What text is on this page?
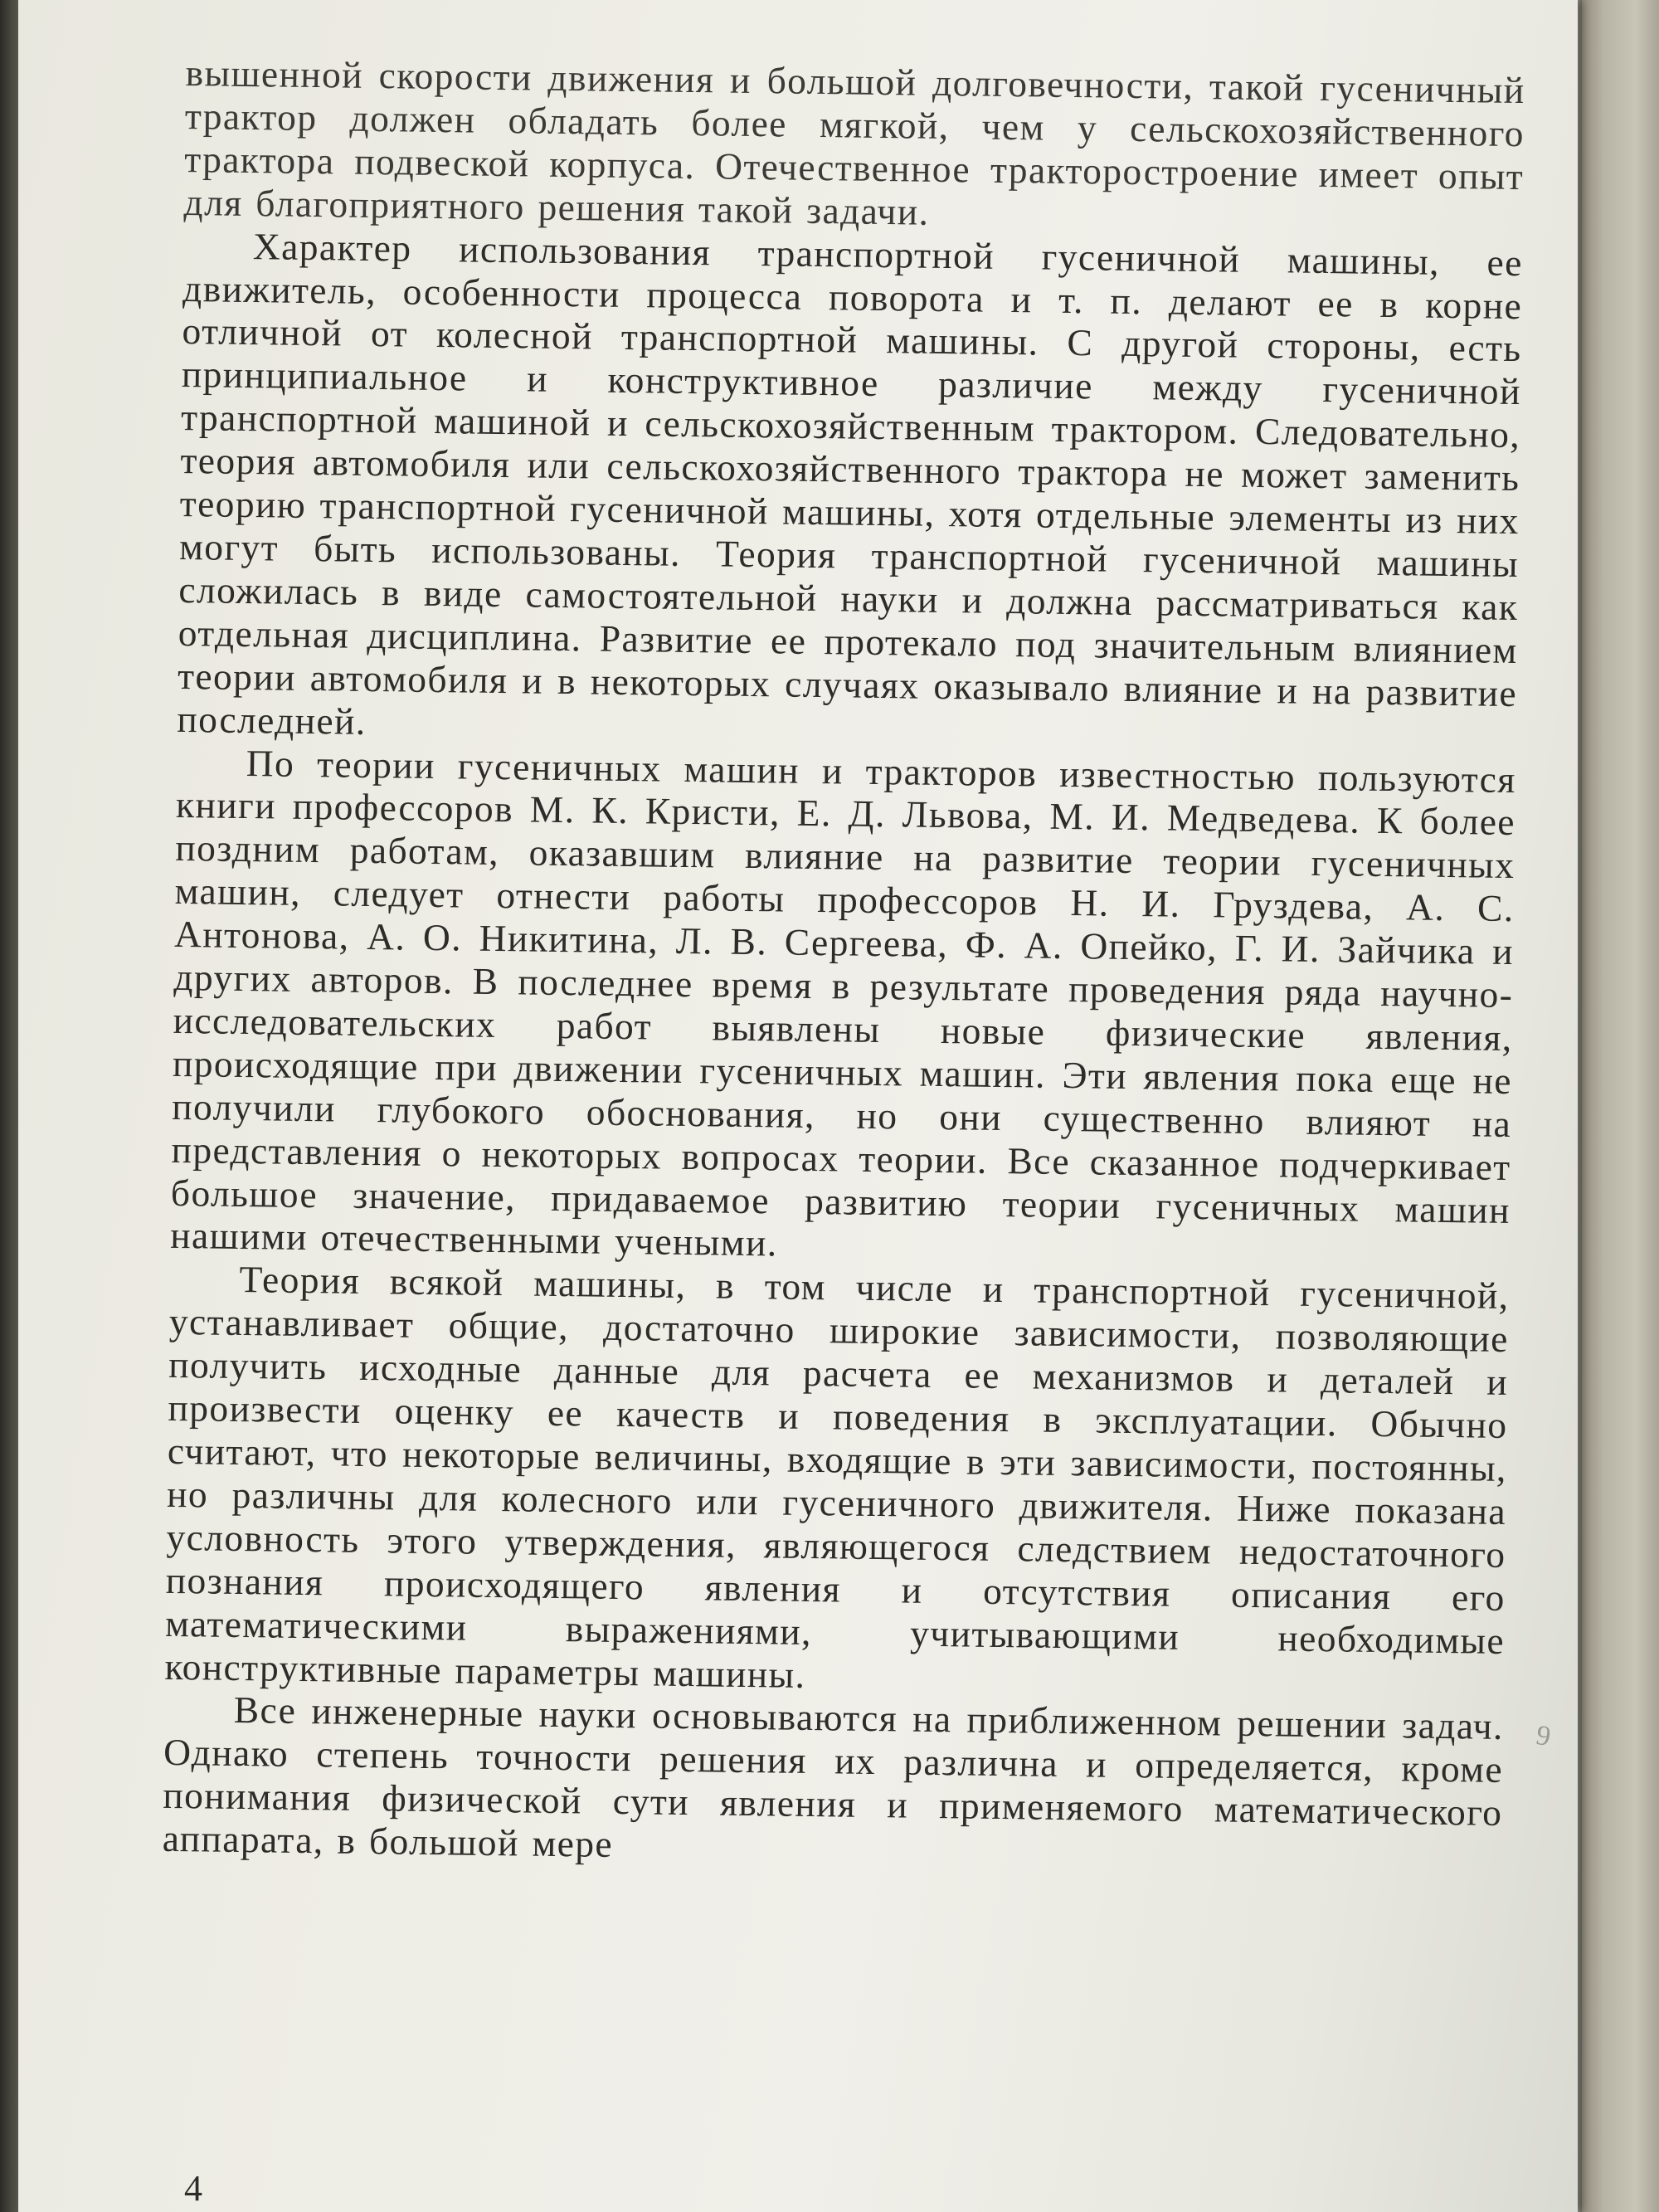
вышенной скорости движения и большой долговечности, такой гусеничный трактор должен обладать более мягкой, чем у сельскохозяйственного трактора подвеской корпуса. Отечественное тракторостроение имеет опыт для благоприятного решения такой задачи.

Характер использования транспортной гусеничной машины, ее движитель, особенности процесса поворота и т. п. делают ее в корне отличной от колесной транспортной машины. С другой стороны, есть принципиальное и конструктивное различие между гусеничной транспортной машиной и сельскохозяйственным трактором. Следовательно, теория автомобиля или сельскохозяйственного трактора не может заменить теорию транспортной гусеничной машины, хотя отдельные элементы из них могут быть использованы. Теория транспортной гусеничной машины сложилась в виде самостоятельной науки и должна рассматриваться как отдельная дисциплина. Развитие ее протекало под значительным влиянием теории автомобиля и в некоторых случаях оказывало влияние и на развитие последней.

По теории гусеничных машин и тракторов известностью пользуются книги профессоров М. К. Кристи, Е. Д. Львова, М. И. Медведева. К более поздним работам, оказавшим влияние на развитие теории гусеничных машин, следует отнести работы профессоров Н. И. Груздева, А. С. Антонова, А. О. Никитина, Л. В. Сергеева, Ф. А. Опейко, Г. И. Зайчика и других авторов. В последнее время в результате проведения ряда научно-исследовательских работ выявлены новые физические явления, происходящие при движении гусеничных машин. Эти явления пока еще не получили глубокого обоснования, но они существенно влияют на представления о некоторых вопросах теории. Все сказанное подчеркивает большое значение, придаваемое развитию теории гусеничных машин нашими отечественными учеными.

Теория всякой машины, в том числе и транспортной гусеничной, устанавливает общие, достаточно широкие зависимости, позволяющие получить исходные данные для расчета ее механизмов и деталей и произвести оценку ее качеств и поведения в эксплуатации. Обычно считают, что некоторые величины, входящие в эти зависимости, постоянны, но различны для колесного или гусеничного движителя. Ниже показана условность этого утверждения, являющегося следствием недостаточного познания происходящего явления и отсутствия описания его математическими выражениями, учитывающими необходимые конструктивные параметры машины.

Все инженерные науки основываются на приближенном решении задач. Однако степень точности решения их различна и определяется, кроме понимания физической сути явления и применяемого математического аппарата, в большой мере

9
4
